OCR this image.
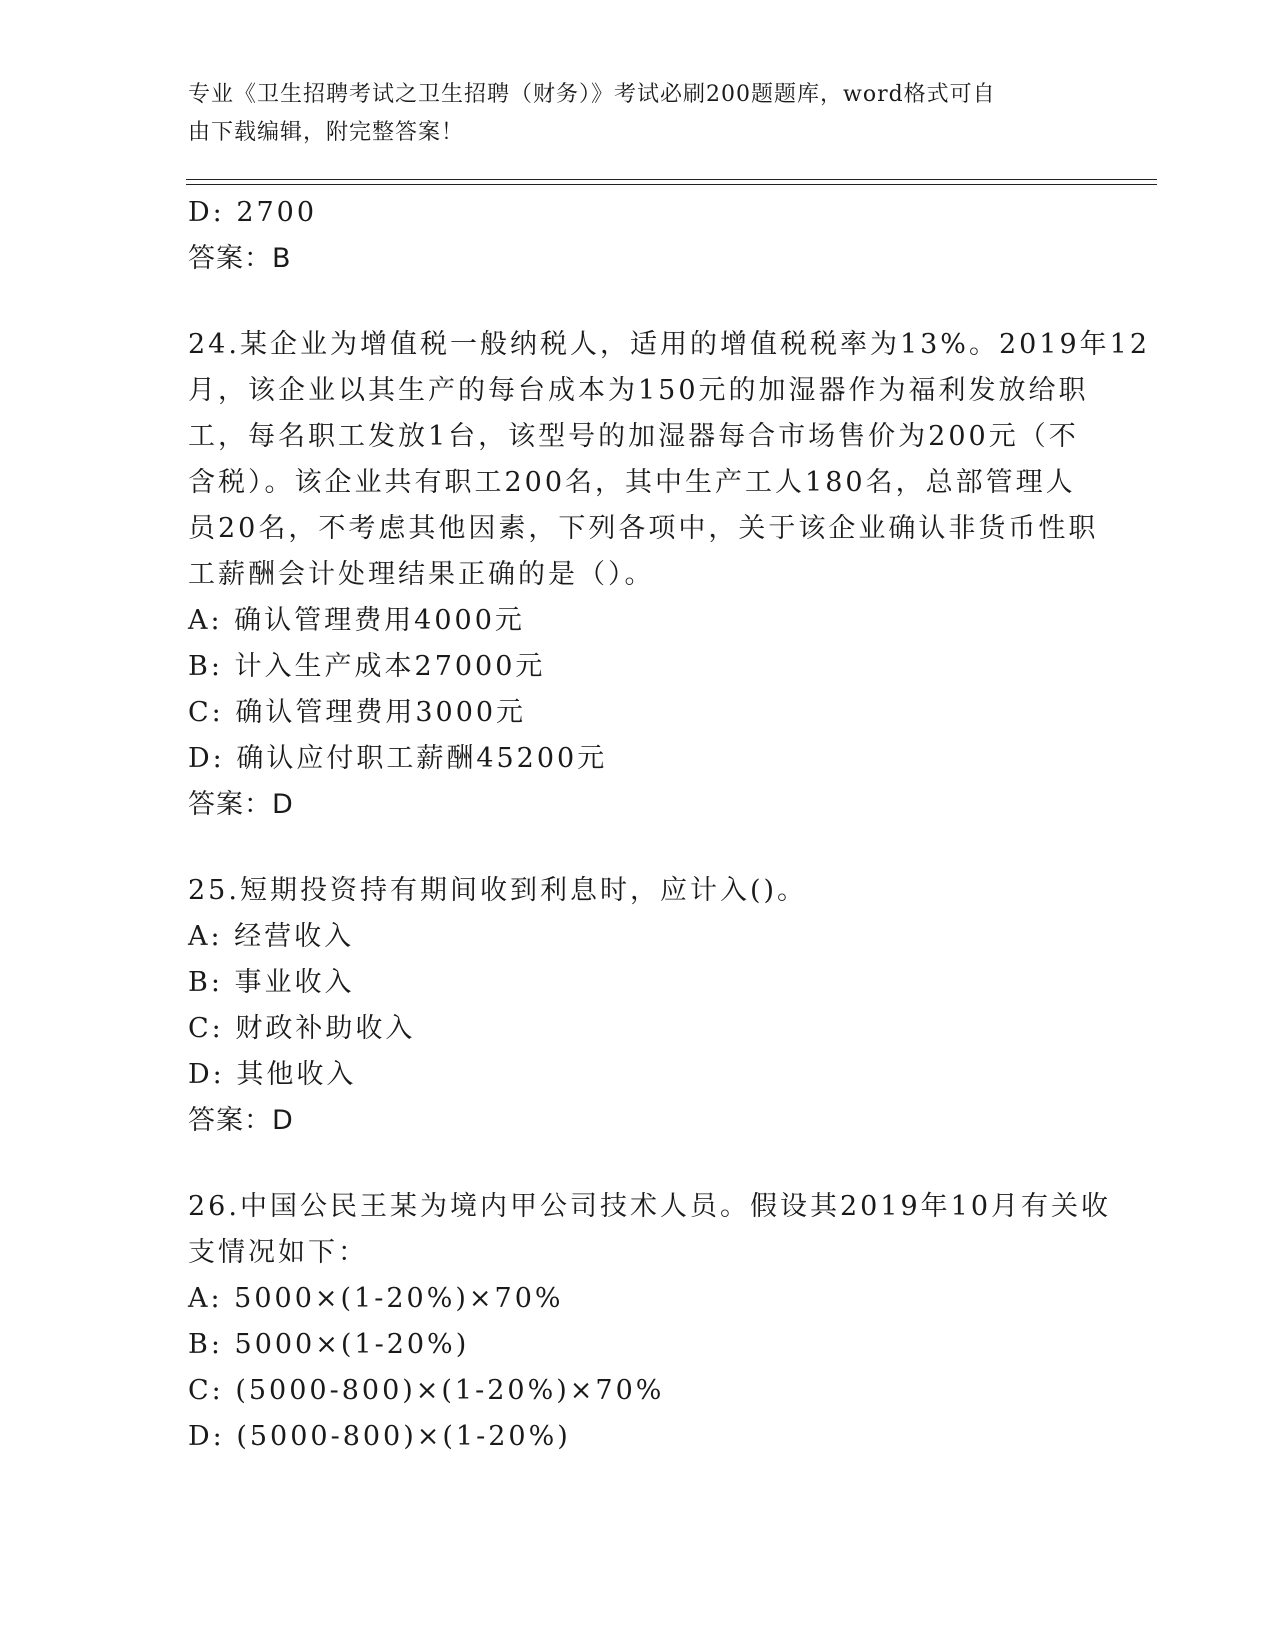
专业《卫生招聘考试之卫生招聘（财务）》考试必刷200题题库，word格式可自
由下载编辑，附完整答案！
D: 2700
答案：B
24.某企业为增值税一般纳税人，适用的增值税税率为13%。2019年12
月，该企业以其生产的每台成本为150元的加湿器作为福利发放给职
工，每名职工发放1台，该型号的加湿器每合市场售价为200元（不
含税）。该企业共有职工200名，其中生产工人180名，总部管理人
员20名，不考虑其他因素，下列各项中，关于该企业确认非货币性职
工薪酬会计处理结果正确的是（）。
A: 确认管理费用4000元
B: 计入生产成本27000元
C: 确认管理费用3000元
D: 确认应付职工薪酬45200元
答案：D
25.短期投资持有期间收到利息时，应计入()。
A: 经营收入
B: 事业收入
C: 财政补助收入
D: 其他收入
答案：D
26.中国公民王某为境内甲公司技术人员。假设其2019年10月有关收
支情况如下：
A: 5000×(1-20%)×70%
B: 5000×(1-20%)
C: (5000-800)×(1-20%)×70%
D: (5000-800)×(1-20%)
